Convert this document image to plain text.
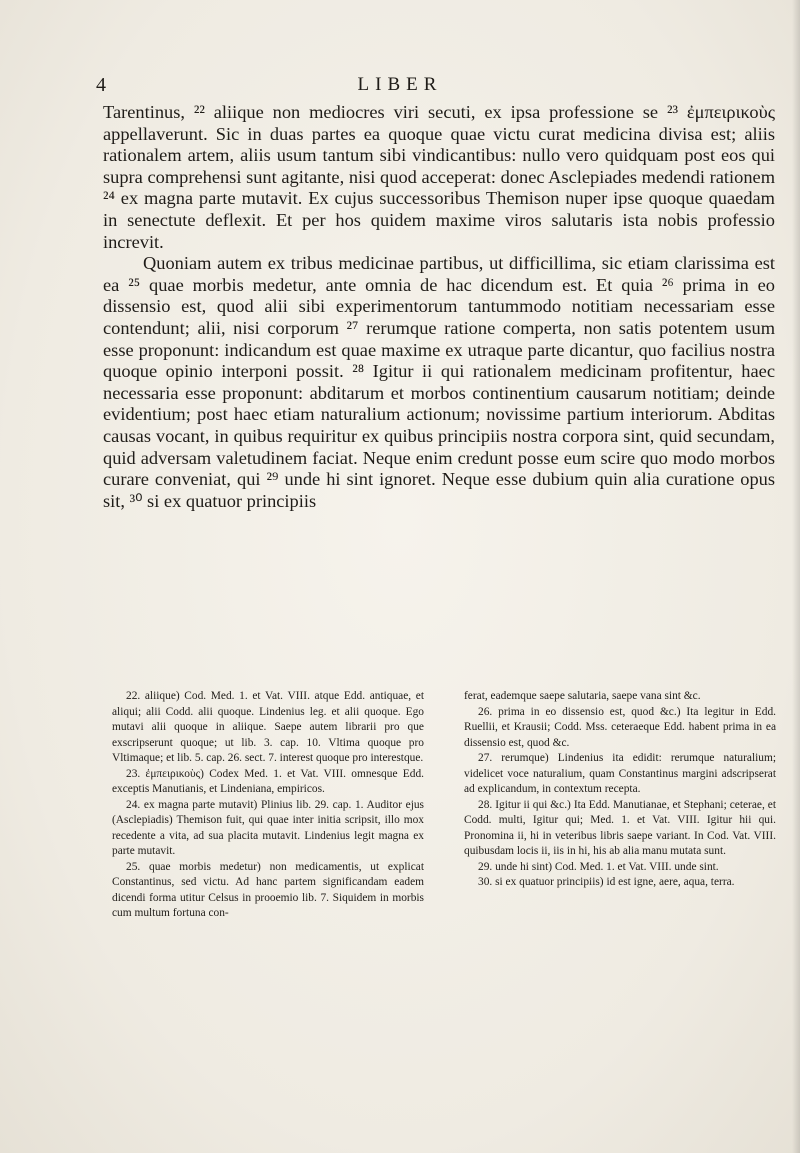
4	LIBER

Tarentinus, ²² aliique non mediocres viri secuti, ex ipsa professione se ²³ ἐμπειρικοὺς appellaverunt. Sic in duas partes ea quoque quae victu curat medicina divisa est; aliis rationalem artem, aliis usum tantum sibi vindicantibus: nullo vero quidquam post eos qui supra comprehensi sunt agitante, nisi quod acceperat: donec Asclepiades medendi rationem ²⁴ ex magna parte mutavit. Ex cujus successoribus Themison nuper ipse quoque quaedam in senectute deflexit. Et per hos quidem maxime viros salutaris ista nobis professio increvit.

Quoniam autem ex tribus medicinae partibus, ut difficillima, sic etiam clarissima est ea ²⁵ quae morbis medetur, ante omnia de hac dicendum est. Et quia ²⁶ prima in eo dissensio est, quod alii sibi experimentorum tantummodo notitiam necessariam esse contendunt; alii, nisi corporum ²⁷ rerumque ratione comperta, non satis potentem usum esse proponunt: indicandum est quae maxime ex utraque parte dicantur, quo facilius nostra quoque opinio interponi possit. ²⁸ Igitur ii qui rationalem medicinam profitentur, haec necessaria esse proponunt: abditarum et morbos continentium causarum notitiam; deinde evidentium; post haec etiam naturalium actionum; novissime partium interiorum. Abditas causas vocant, in quibus requiritur ex quibus principiis nostra corpora sint, quid secundam, quid adversam valetudinem faciat. Neque enim credunt posse eum scire quo modo morbos curare conveniat, qui ²⁹ unde hi sint ignoret. Neque esse dubium quin alia curatione opus sit, ³⁰ si ex quatuor principiis

22. aliique) Cod. Med. 1. et Vat. VIII. atque Edd. antiquae, et aliqui; alii Codd. alii quoque. Lindenius leg. et alii quoque. Ego mutavi alii quoque in aliique. Saepe autem librarii pro que exscripserunt quoque; ut lib. 3. cap. 10. Vltima quoque pro Vltimaque; et lib. 5. cap. 26. sect. 7. interest quoque pro interestque.

23. ἐμπειρικοὺς) Codex Med. 1. et Vat. VIII. omnesque Edd. exceptis Manutianis, et Lindeniana, empiricos.

24. ex magna parte mutavit) Plinius lib. 29. cap. 1. Auditor ejus (Asclepiadis) Themison fuit, qui quae inter initia scripsit, illo mox recedente a vita, ad sua placita mutavit. Lindenius legit magna ex parte mutavit.

25. quae morbis medetur) non medicamentis, ut explicat Constantinus, sed victu. Ad hanc partem significandam eadem dicendi forma utitur Celsus in prooemio lib. 7. Siquidem in morbis cum multum fortuna con-

ferat, eademque saepe salutaria, saepe vana sint &c.

26. prima in eo dissensio est, quod &c.) Ita legitur in Edd. Ruellii, et Krausii; Codd. Mss. ceteraeque Edd. habent prima in ea dissensio est, quod &c.

27. rerumque) Lindenius ita edidit: rerumque naturalium; videlicet voce naturalium, quam Constantinus margini adscripserat ad explicandum, in contextum recepta.

28. Igitur ii qui &c.) Ita Edd. Manutianae, et Stephani; ceterae, et Codd. multi, Igitur qui; Med. 1. et Vat. VIII. Igitur hii qui. Pronomina ii, hi in veteribus libris saepe variant. In Cod. Vat. VIII. quibusdam locis ii, iis in hi, his ab alia manu mutata sunt.

29. unde hi sint) Cod. Med. 1. et Vat. VIII. unde sint.

30. si ex quatuor principiis) id est igne, aere, aqua, terra.
